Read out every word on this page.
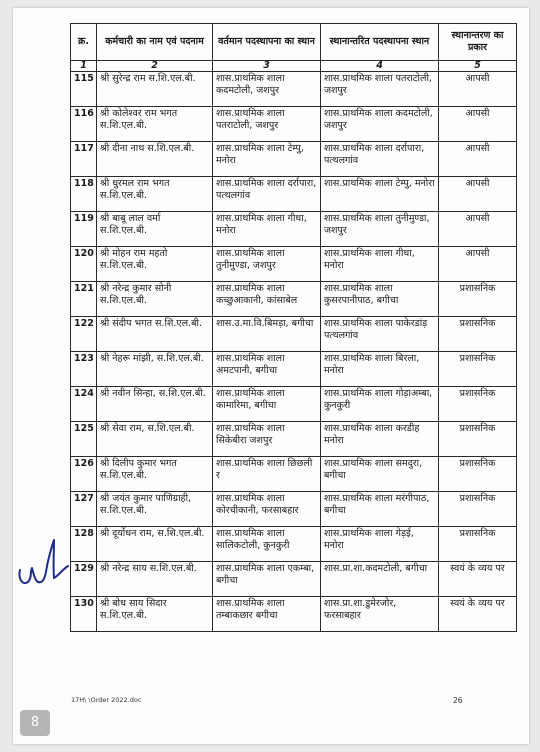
क्र.	कर्मचारी का नाम एवं पदनाम	वर्तमान पदस्थापना का स्थान	स्थानान्तरित पदस्थापना स्थान	स्थानान्तरण का प्रकार
1	2	3	4	5
115	श्री सुरेन्द्र राम स.शि.एल.बी.	शास.प्राथमिक शाला कदमटोली, जशपुर	शास.प्राथमिक शाला पतराटोली, जशपुर	आपसी
116	श्री कोलेश्वर राम भगत स.शि.एल.बी.	शास.प्राथमिक शाला पतराटोली, जशपुर	शास.प्राथमिक शाला कदमटोली, जशपुर	आपसी
117	श्री दीना नाथ स.शि.एल.बी.	शास.प्राथमिक शाला टेम्पु, मनोरा	शास.प्राथमिक शाला दर्रापारा, पत्थलगांव	आपसी
118	श्री धुरमल राम भगत स.शि.एल.बी.	शास.प्राथमिक शाला दर्रापारा, पत्थलगांव	शास.प्राथमिक शाला टेम्पु, मनोरा	आपसी
119	श्री बाबू लाल वर्मा स.शि.एल.बी.	शास.प्राथमिक शाला गीधा, मनोरा	शास.प्राथमिक शाला तुनीमुण्डा, जशपुर	आपसी
120	श्री मोहन राम महतो स.शि.एल.बी.	शास.प्राथमिक शाला तुनीमुण्डा, जशपुर	शास.प्राथमिक शाला गीधा, मनोरा	आपसी
121	श्री नरेन्द्र कुमार सोनी स.शि.एल.बी.	शास.प्राथमिक शाला कच्छुआकानी, कांसाबेल	शास.प्राथमिक शाला कुसरपानीपाठ, बगीचा	प्रशासनिक
122	श्री संदीप भगत स.शि.एल.बी.	शास.उ.मा.वि.बिमड़ा, बगीचा	शास.प्राथमिक शाला पाकेरडांड़ पत्थलगांव	प्रशासनिक
123	श्री नेहरू मांझी, स.शि.एल.बी.	शास.प्राथमिक शाला अमटपानी, बगीचा	शास.प्राथमिक शाला बिरला, मनोरा	प्रशासनिक
124	श्री नवीन सिन्हा, स.शि.एल.बी.	शास.प्राथमिक शाला कामारिमा, बगीचा	शास.प्राथमिक शाला गोड़ाअम्बा, कुनकुरी	प्रशासनिक
125	श्री सेवा राम, स.शि.एल.बी.	शास.प्राथमिक शाला सिकेबीरा जशपुर	शास.प्राथमिक शाला करडीह मनोरा	प्रशासनिक
126	श्री दिलीप कुमार भगत स.शि.एल.बी.	शास.प्राथमिक शाला छिछली र	शास.प्राथमिक शाला समदुरा, बगीचा	प्रशासनिक
127	श्री जयंत कुमार पाणिग्राही, स.शि.एल.बी.	शास.प्राथमिक शाला कोरचीकानी, फरसाबहार	शास.प्राथमिक शाला मरंगीपाठ, बगीचा	प्रशासनिक
128	श्री दूर्योधन राम, स.शि.एल.बी.	शास.प्राथमिक शाला सालिकटोली, कुनकुरी	शास.प्राथमिक शाला गेड़ई, मनोरा	प्रशासनिक
129	श्री नरेन्द्र साय स.शि.एल.बी.	शास.प्राथमिक शाला एकम्बा, बगीचा	शास.प्रा.शा.कदमटोली, बगीचा	स्वयं के व्यय पर
130	श्री बोध साय सिदार स.शि.एल.बी.	शास.प्राथमिक शाला तम्बाकछार बगीचा	शास.प्रा.शा.डुमेरजोर, फरसाबहार	स्वयं के व्यय पर
17H\ \Order 2022.doc	26
8
